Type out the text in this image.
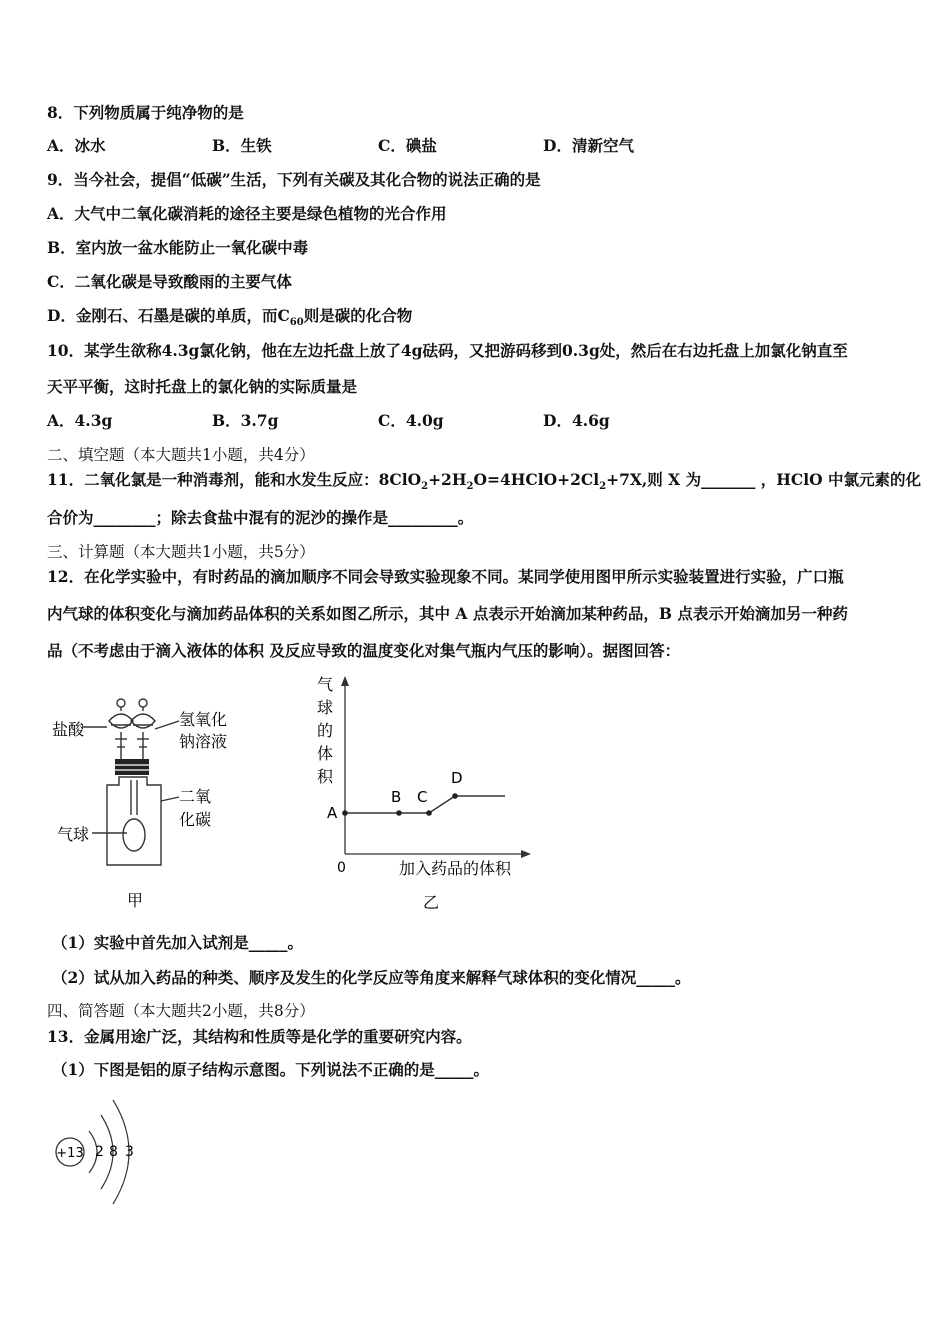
8．下列物质属于纯净物的是
A．冰水	B．生铁	C．碘盐	D．清新空气
9．当今社会，提倡“低碳”生活，下列有关碳及其化合物的说法正确的是
A．大气中二氧化碳消耗的途径主要是绿色植物的光合作用
B．室内放一盆水能防止一氧化碳中毒
C．二氧化碳是导致酸雨的主要气体
D．金刚石、石墨是碳的单质，而$C_{60}$则是碳的化合物
10．某学生欲称4.3g氯化钠，他在左边托盘上放了4g砝码，又把游码移到0.3g处，然后在右边托盘上加氯化钠直至
天平平衡，这时托盘上的氯化钠的实际质量是
A．4.3g	B．3.7g	C．4.0g	D．4.6g
二、填空题（本大题共1小题，共4分）
11．二氧化氯是一种消毒剂，能和水发生反应：$8ClO_2+2H_2O=4HClO+2Cl_2+7X$,则 X 为_______ ，HClO 中氯元素的化
合价为________；除去食盐中混有的泥沙的操作是_________。
三、计算题（本大题共1小题，共5分）
12．在化学实验中，有时药品的滴加顺序不同会导致实验现象不同。某同学使用图甲所示实验装置进行实验，广口瓶
内气球的体积变化与滴加药品体积的关系如图乙所示，其中 A 点表示开始滴加某种药品，B 点表示开始滴加另一种药
品（不考虑由于滴入液体的体积 及反应导致的温度变化对集气瓶内气压的影响）。据图回答：
盐酸
氢氧化
钠溶液
二氧
化碳
气球
甲
气
球
的
体
积
A
B C
D
0	加入药品的体积
乙
（1）实验中首先加入试剂是_____。
（2）试从加入药品的种类、顺序及发生的化学反应等角度来解释气球体积的变化情况_____。
四、简答题（本大题共2小题，共8分）
13．金属用途广泛，其结构和性质等是化学的重要研究内容。
（1）下图是铝的原子结构示意图。下列说法不正确的是_____。
+13 2 8 3
